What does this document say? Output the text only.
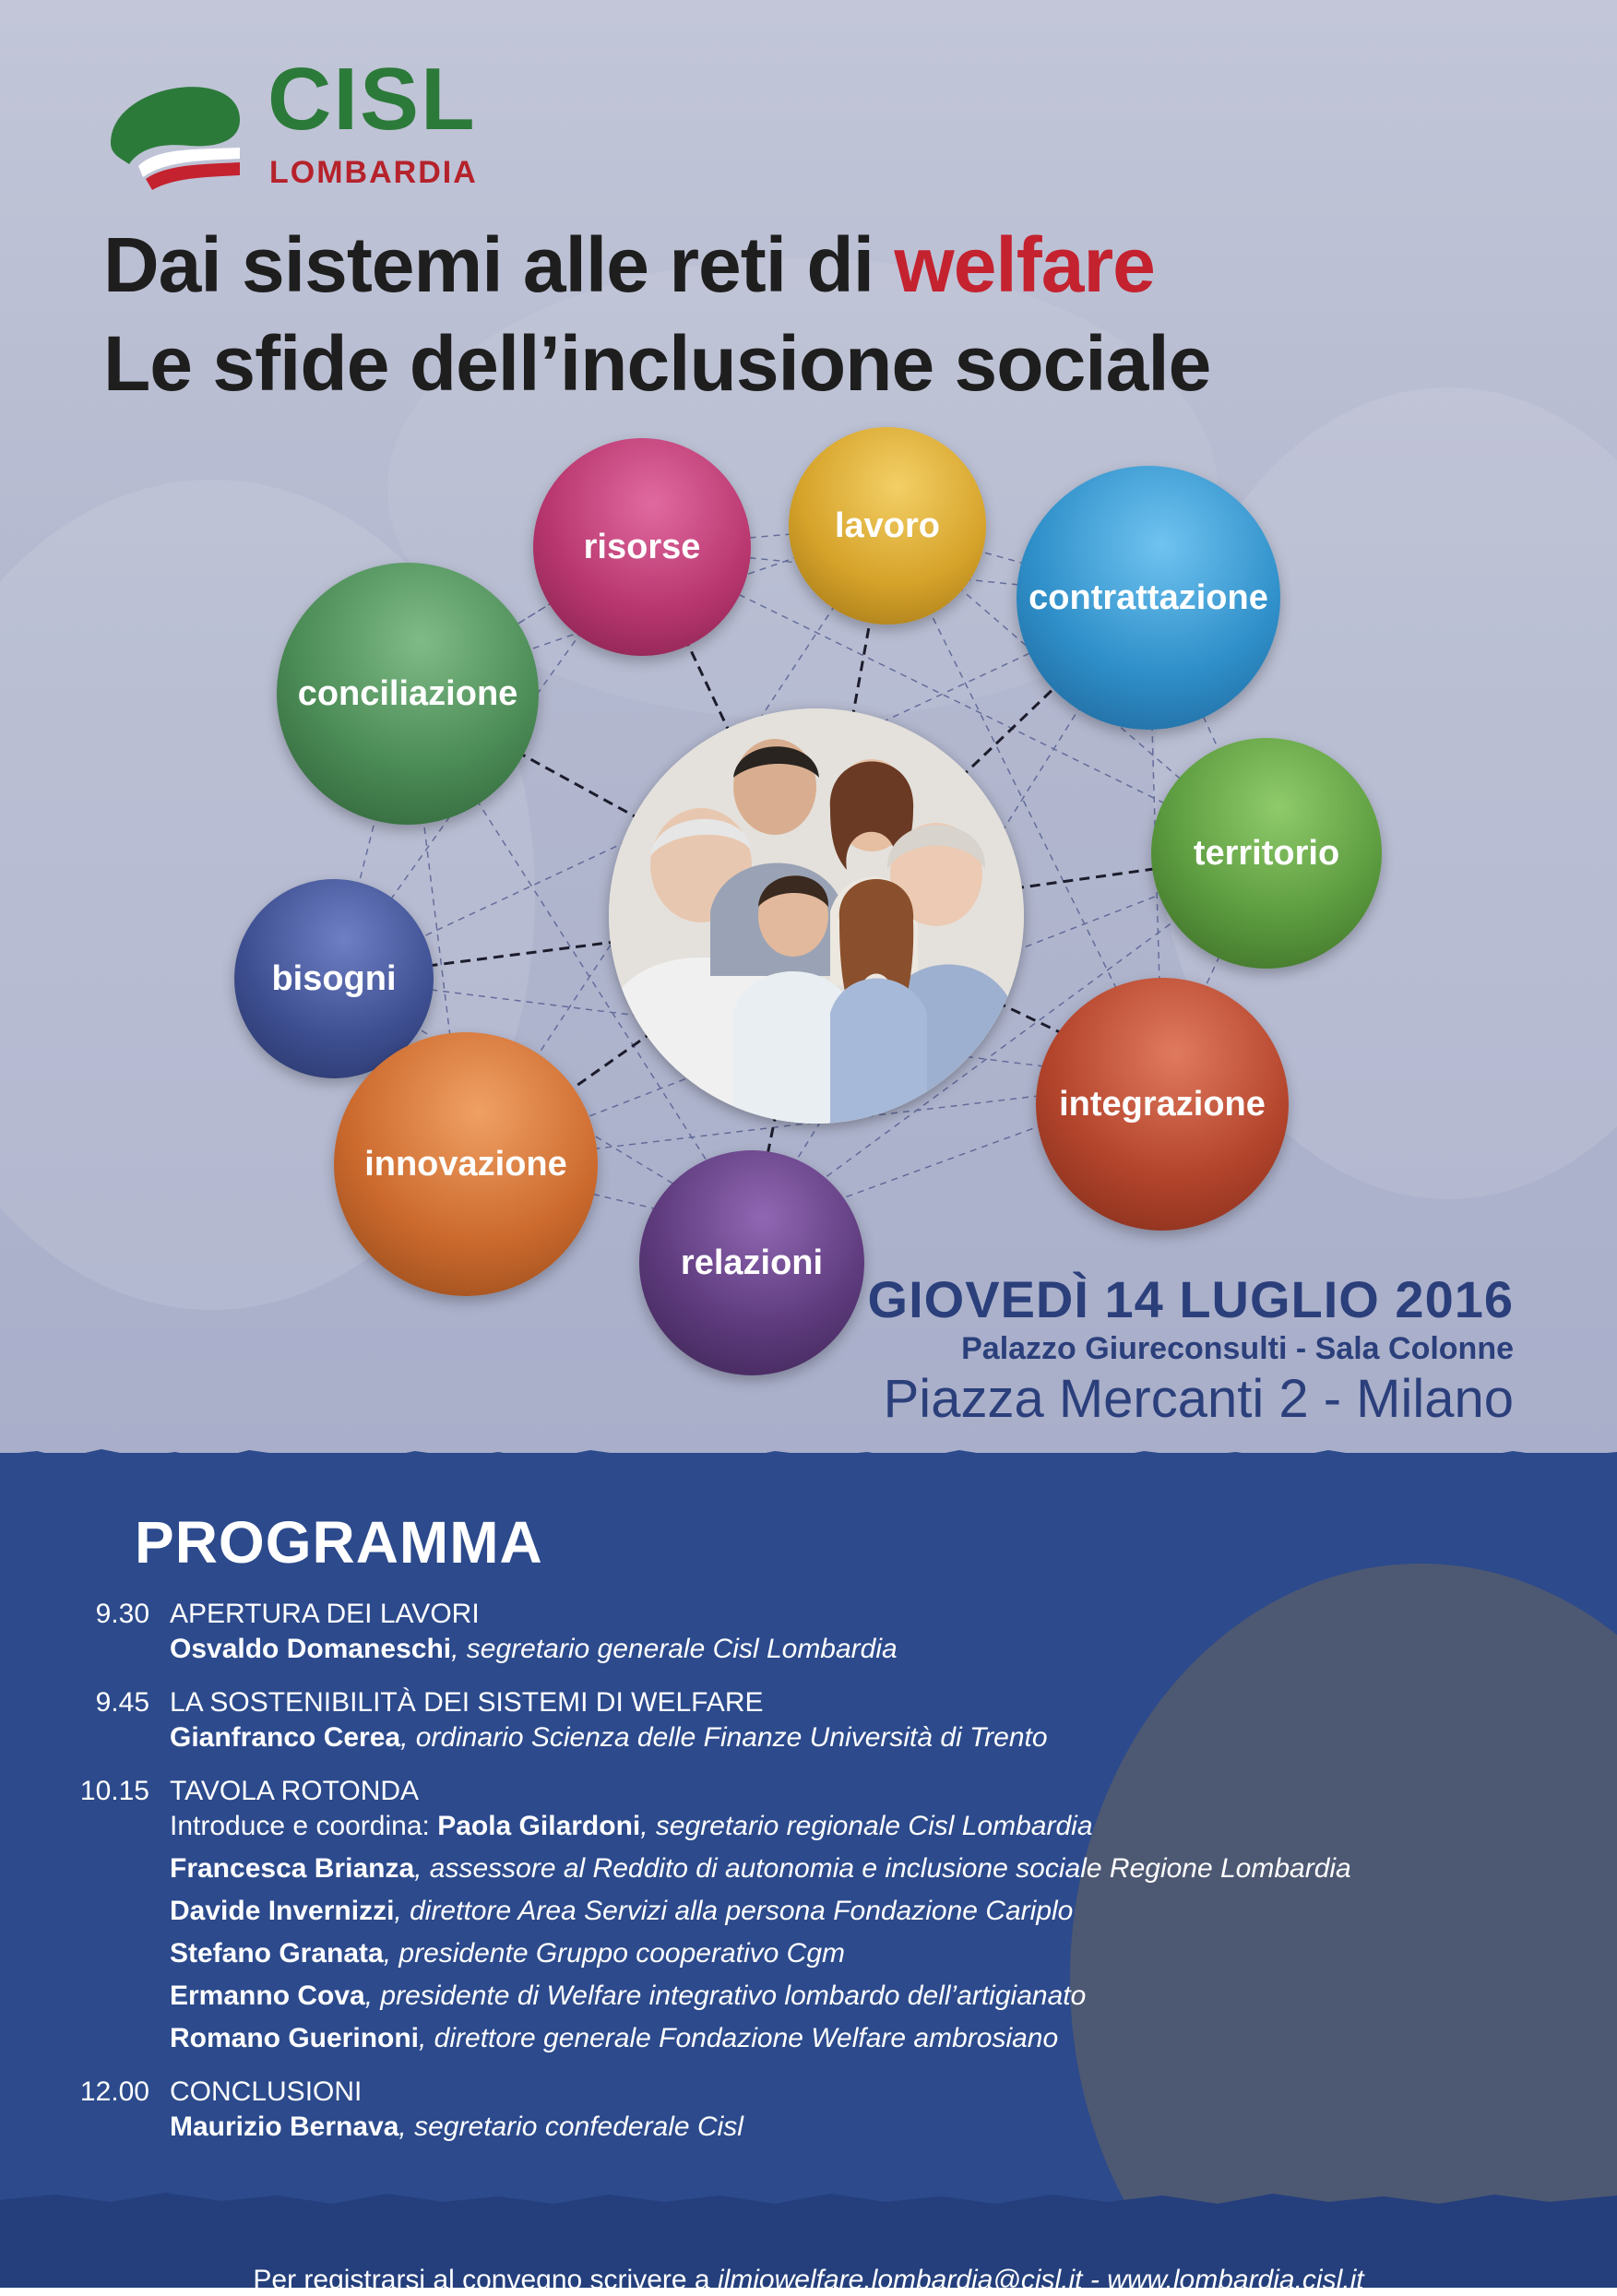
CISL
LOMBARDIA
Dai sistemi alle reti di welfare
Le sfide dell’inclusione sociale
risorse
lavoro
contrattazione
conciliazione
territorio
bisogni
integrazione
innovazione
relazioni
GIOVEDÌ 14 LUGLIO 2016
Palazzo Giureconsulti - Sala Colonne
Piazza Mercanti 2 - Milano
PROGRAMMA
9.30 APERTURA DEI LAVORI
Osvaldo Domaneschi, segretario generale Cisl Lombardia
9.45 LA SOSTENIBILITÀ DEI SISTEMI DI WELFARE
Gianfranco Cerea, ordinario Scienza delle Finanze Università di Trento
10.15 TAVOLA ROTONDA
Introduce e coordina: Paola Gilardoni, segretario regionale Cisl Lombardia
Francesca Brianza, assessore al Reddito di autonomia e inclusione sociale Regione Lombardia
Davide Invernizzi, direttore Area Servizi alla persona Fondazione Cariplo
Stefano Granata, presidente Gruppo cooperativo Cgm
Ermanno Cova, presidente di Welfare integrativo lombardo dell’artigianato
Romano Guerinoni, direttore generale Fondazione Welfare ambrosiano
12.00 CONCLUSIONI
Maurizio Bernava, segretario confederale Cisl
Per registrarsi al convegno scrivere a ilmiowelfare.lombardia@cisl.it - www.lombardia.cisl.it
